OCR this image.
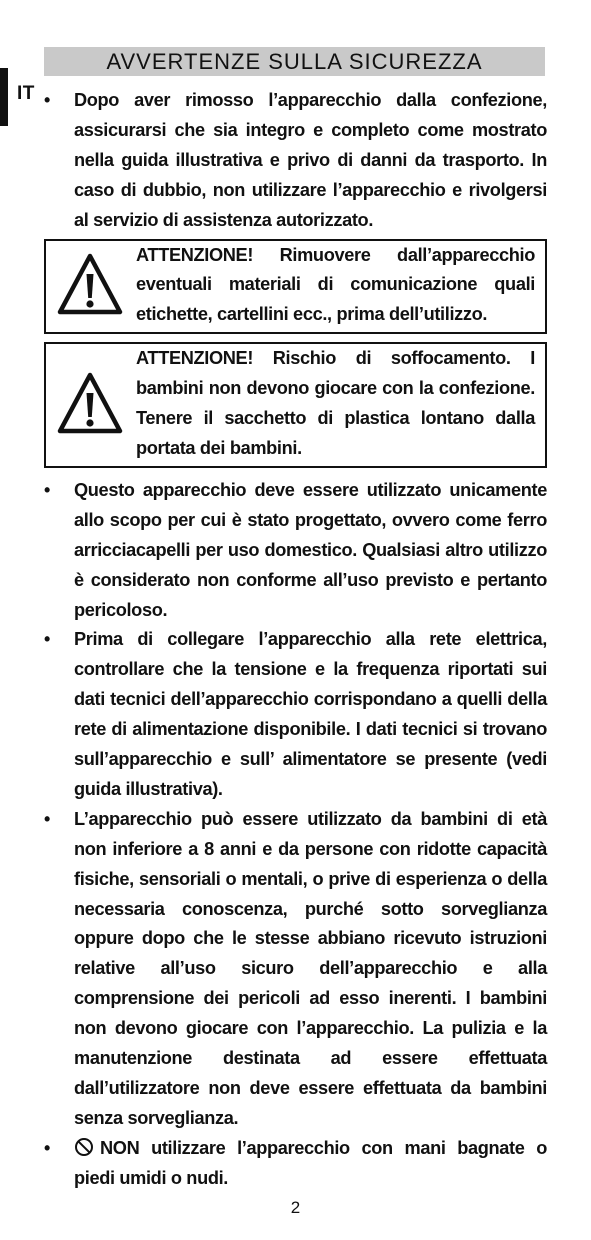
IT
AVVERTENZE SULLA SICUREZZA
•	Dopo aver rimosso l’apparecchio dalla confezione, assicurarsi che sia integro e completo come mostrato nella guida illustrativa e privo di danni da trasporto. In caso di dubbio, non utilizzare l’apparecchio e rivolgersi al servizio di assistenza autorizzato.
ATTENZIONE! Rimuovere dall’apparecchio eventuali materiali di comunicazione quali etichette, cartellini ecc., prima dell’utilizzo.
ATTENZIONE! Rischio di soffocamento. I bambini non devono giocare con la confezione. Tenere il sacchetto di plastica lontano dalla portata dei bambini.
•	Questo apparecchio deve essere utilizzato unicamente allo scopo per cui è stato progettato, ovvero come ferro arricciacapelli per uso domestico. Qualsiasi altro utilizzo è considerato non conforme all’uso previsto e pertanto pericoloso.
•	Prima di collegare l’apparecchio alla rete elettrica, controllare che la tensione e la frequenza riportati sui dati tecnici dell’apparecchio corrispondano a quelli della rete di alimentazione disponibile. I dati tecnici si trovano sull’apparecchio e sull’ alimentatore se presente (vedi guida illustrativa).
•	L’apparecchio può essere utilizzato da bambini di età non inferiore a 8 anni e da persone con ridotte capacità fisiche, sensoriali o mentali, o prive di esperienza o della necessaria conoscenza, purché sotto sorveglianza oppure dopo che le stesse abbiano ricevuto istruzioni relative all’uso sicuro dell’apparecchio e alla comprensione dei pericoli ad esso inerenti. I bambini non devono giocare con l’apparecchio. La pulizia e la manutenzione destinata ad essere effettuata dall’utilizzatore non deve essere effettuata da bambini senza sorveglianza.
•	NON utilizzare l’apparecchio con mani bagnate o piedi umidi o nudi.
2
